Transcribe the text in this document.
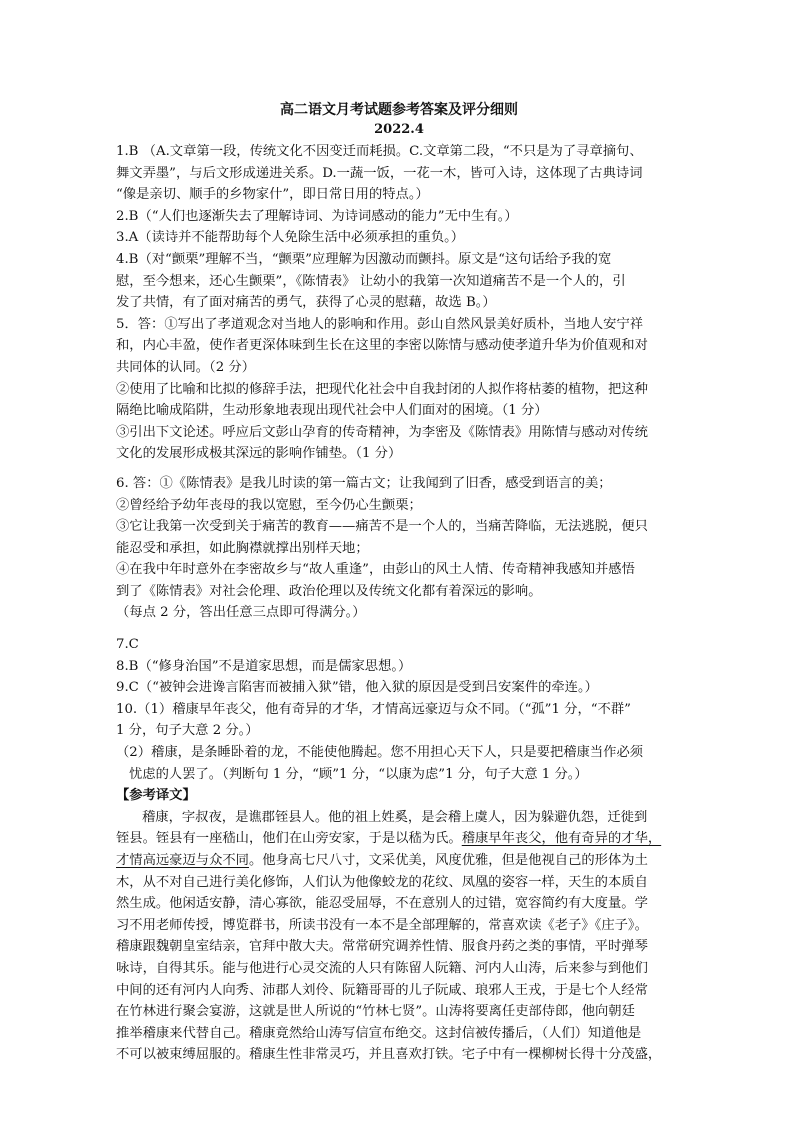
高二语文月考试题参考答案及评分细则

2022.4

1.B （A.文章第一段，传统文化不因变迁而耗损。C.文章第二段，“不只是为了寻章摘句、

舞文弄墨”，与后文形成递进关系。D.一蔬一饭，一花一木，皆可入诗，这体现了古典诗词

“像是亲切、顺手的乡物家什”，即日常日用的特点。）

2.B（“人们也逐渐失去了理解诗词、为诗词感动的能力”无中生有。）

3.A（读诗并不能帮助每个人免除生活中必须承担的重负。）

4.B（对“颤栗”理解不当，“颤栗”应理解为因激动而颤抖。原文是“这句话给予我的宽

慰，至今想来，还心生颤栗”，《陈情表》 让幼小的我第一次知道痛苦不是一个人的，引

发了共情，有了面对痛苦的勇气，获得了心灵的慰藉，故选 B。）

5．答：①写出了孝道观念对当地人的影响和作用。彭山自然风景美好质朴，当地人安宁祥

和，内心丰盈，使作者更深体味到生长在这里的李密以陈情与感动使孝道升华为价值观和对

共同体的认同。（2 分）

②使用了比喻和比拟的修辞手法，把现代化社会中自我封闭的人拟作将枯萎的植物，把这种

隔绝比喻成陷阱，生动形象地表现出现代社会中人们面对的困境。（1 分）

③引出下文论述。呼应后文彭山孕育的传奇精神，为李密及《陈情表》用陈情与感动对传统

文化的发展形成极其深远的影响作铺垫。（1 分）

6. 答：①《陈情表》是我儿时读的第一篇古文；让我闻到了旧香，感受到语言的美；

②曾经给予幼年丧母的我以宽慰，至今仍心生颤栗；

③它让我第一次受到关于痛苦的教育——痛苦不是一个人的，当痛苦降临，无法逃脱，便只

能忍受和承担，如此胸襟就撑出别样天地；

④在我中年时意外在李密故乡与“故人重逢”，由彭山的风土人情、传奇精神我感知并感悟

到了《陈情表》对社会伦理、政治伦理以及传统文化都有着深远的影响。

（每点 2 分，答出任意三点即可得满分。）

7.C

8.B（“修身治国”不是道家思想，而是儒家思想。）

9.C（“被钟会进谗言陷害而被捕入狱”错，他入狱的原因是受到吕安案件的牵连。）

10.（1）稽康早年丧父，他有奇异的才华，才情高远豪迈与众不同。（“孤”1 分，“不群”

1 分，句子大意 2 分。）

（2）稽康，是条睡卧着的龙，不能使他腾起。您不用担心天下人，只是要把稽康当作必须

忧虑的人罢了。（判断句 1 分，“顾”1 分，“以康为虑”1 分，句子大意 1 分。）

【参考译文】

稽康，字叔夜，是谯郡铚县人。他的祖上姓奚，是会稽上虞人，因为躲避仇怨，迁徙到

铚县。铚县有一座嵇山，他们在山旁安家，于是以嵇为氏。稽康早年丧父，他有奇异的才华，

才情高远豪迈与众不同。他身高七尺八寸，文采优美，风度优雅，但是他视自己的形体为土

木，从不对自己进行美化修饰，人们认为他像蛟龙的花纹、凤凰的姿容一样，天生的本质自

然生成。他闲适安静，清心寡欲，能忍受屈辱，不在意别人的过错，宽容简约有大度量。学

习不用老师传授，博览群书，所读书没有一本不是全部理解的，常喜欢读《老子》《庄子》。

稽康跟魏朝皇室结亲，官拜中散大夫。常常研究调养性情、服食丹药之类的事情，平时弹琴

咏诗，自得其乐。能与他进行心灵交流的人只有陈留人阮籍、河内人山涛，后来参与到他们

中间的还有河内人向秀、沛郡人刘伶、阮籍哥哥的儿子阮咸、琅邪人王戎，于是七个人经常

在竹林进行聚会宴游，这就是世人所说的“竹林七贤”。山涛将要离任吏部侍郎，他向朝廷

推举稽康来代替自己。稽康竟然给山涛写信宣布绝交。这封信被传播后，（人们）知道他是

不可以被束缚屈服的。稽康生性非常灵巧，并且喜欢打铁。宅子中有一棵柳树长得十分茂盛，
